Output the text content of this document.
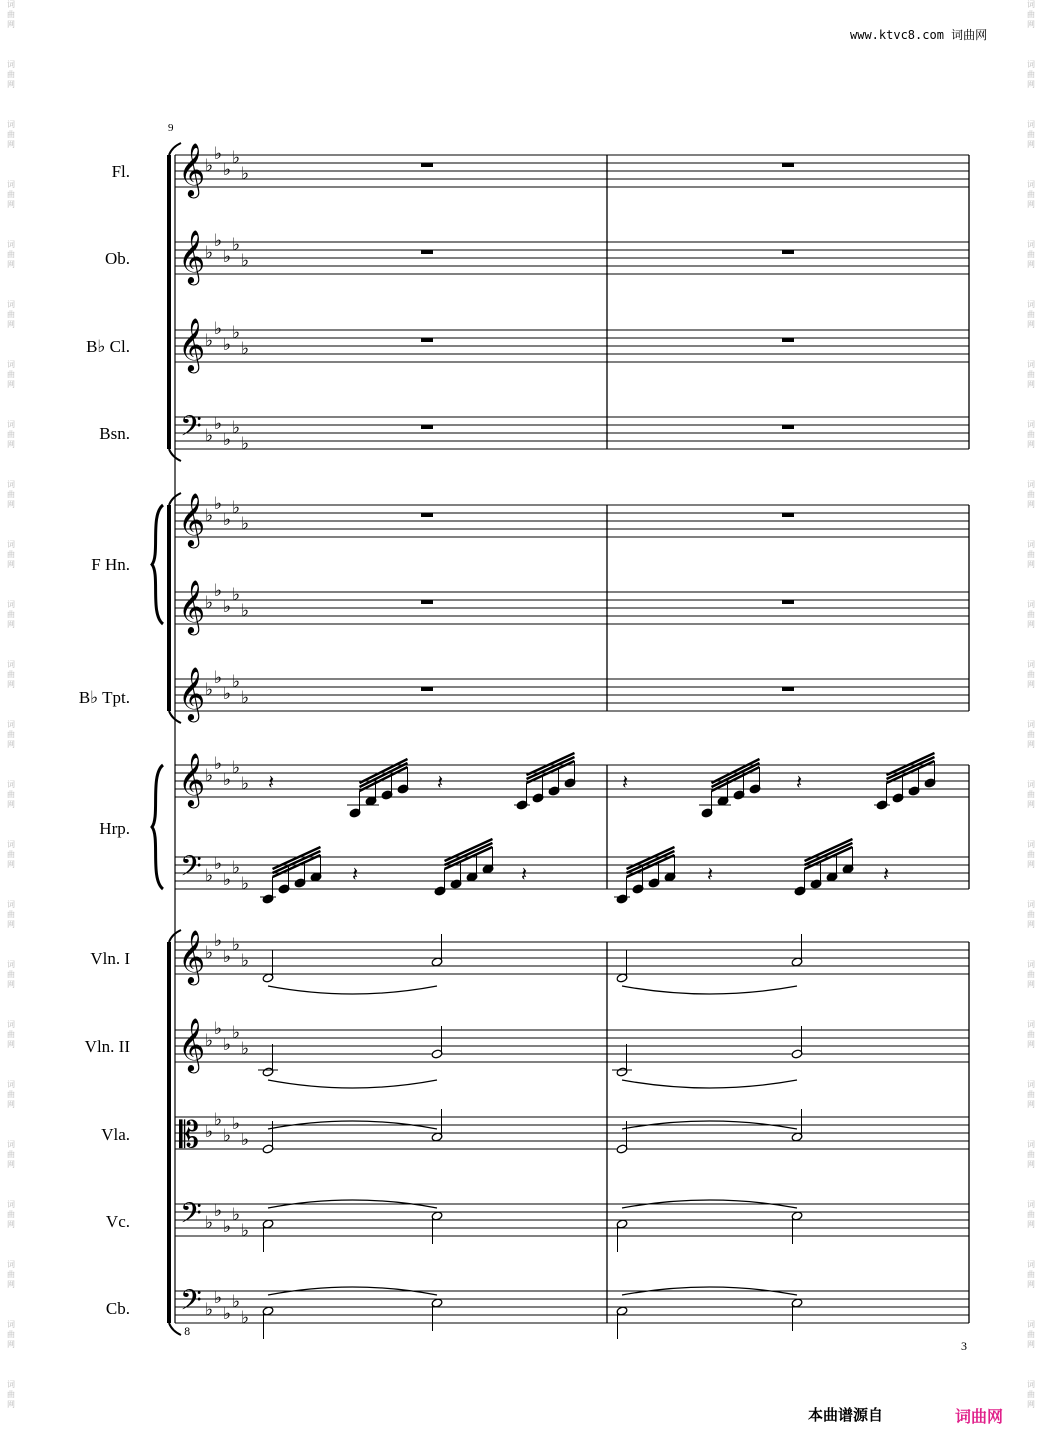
词
曲
网
词
曲
网
词
曲
网
词
曲
网
词
曲
网
词
曲
网
词
曲
网
词
曲
网
词
曲
网
词
曲
网
词
曲
网
词
曲
网
词
曲
网
词
曲
网
词
曲
网
词
曲
网
词
曲
网
词
曲
网
词
曲
网
词
曲
网
词
曲
网
词
曲
网
词
曲
网
词
曲
网
词
曲
网
词
曲
网
词
曲
网
词
曲
网
词
曲
网
词
曲
网
词
曲
网
词
曲
网
词
曲
网
词
曲
网
词
曲
网
词
曲
网
词
曲
网
词
曲
网
词
曲
网
词
曲
网
词
曲
网
词
曲
网
词
曲
网
词
曲
网
词
曲
网
词
曲
网
词
曲
网
词
曲
网
www.ktvc8.com 词曲网
9
Fl.
Ob.
B♭ Cl.
Bsn.
F Hn.
B♭ Tpt.
Hrp.
Vln. I
Vln. II
Vla.
Vc.
Cb.
𝄞 ♭
♭
♭
♭
♭
𝄞 ♭
♭
♭
♭
♭
𝄞 ♭
♭
♭
♭
♭
𝄢 ♭
♭
♭
♭
♭
𝄞 ♭
♭
♭
♭
♭
𝄞 ♭
♭
♭
♭
♭
𝄞 ♭
♭
♭
♭
♭
𝄞 ♭
♭
♭
♭
♭
𝄢 ♭
♭
♭
♭
♭
𝄞 ♭
♭
♭
♭
♭
𝄞 ♭
♭
♭
♭
♭
𝄡 ♭
♭
♭
♭
♭
𝄢 ♭
♭
♭
♭
♭
𝄢 ♭
♭
♭
♭
♭
8
𝄽	𝄽	𝄽	𝄽
𝄽	𝄽	𝄽	𝄽
3
本曲谱源自	词曲网
